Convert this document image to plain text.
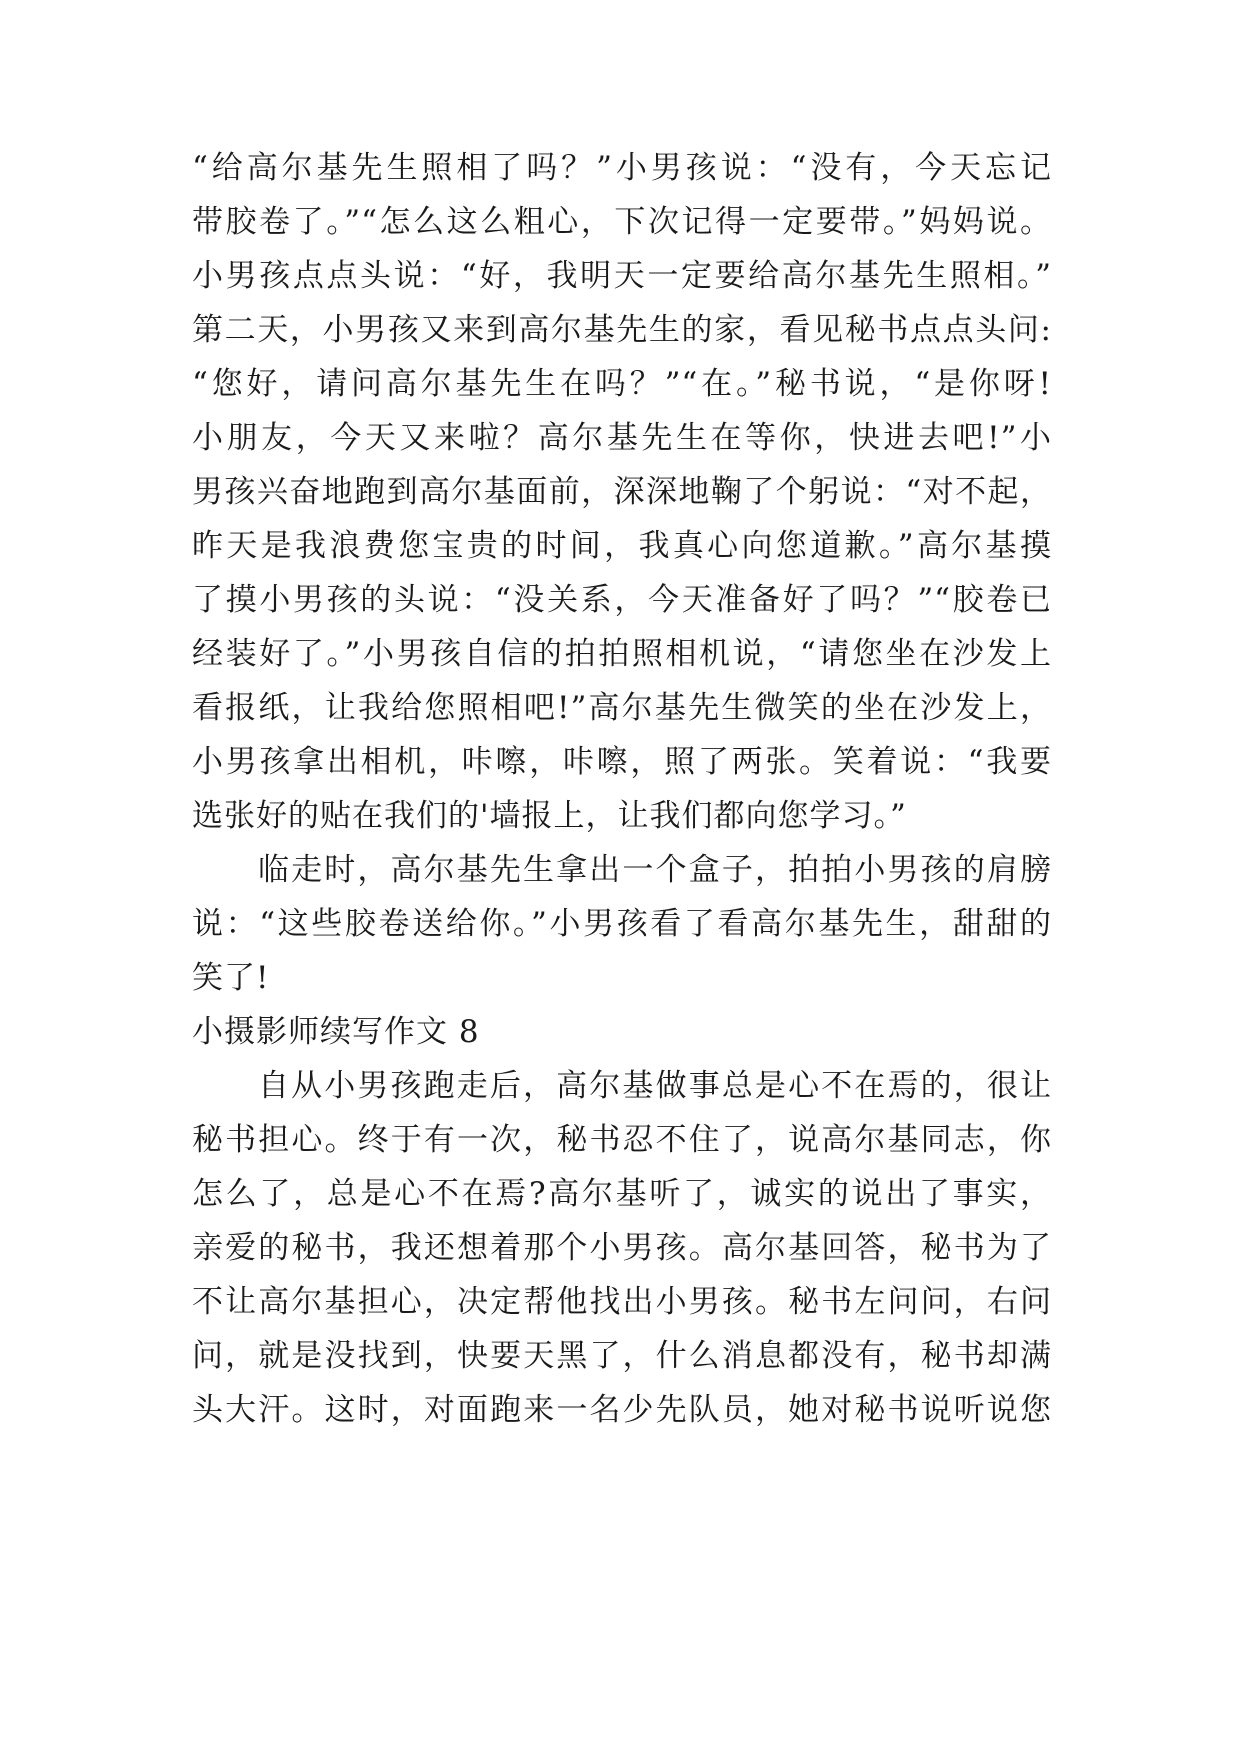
“给高尔基先生照相了吗？”小男孩说：“没有，今天忘记
带胶卷了。”“怎么这么粗心，下次记得一定要带。”妈妈说。
小男孩点点头说：“好，我明天一定要给高尔基先生照相。”
第二天，小男孩又来到高尔基先生的家，看见秘书点点头问:
“您好，请问高尔基先生在吗？”“在。”秘书说，“是你呀!
小朋友，今天又来啦？高尔基先生在等你，快进去吧!”小
男孩兴奋地跑到高尔基面前，深深地鞠了个躬说：“对不起，
昨天是我浪费您宝贵的时间，我真心向您道歉。”高尔基摸
了摸小男孩的头说：“没关系，今天准备好了吗？”“胶卷已
经装好了。”小男孩自信的拍拍照相机说，“请您坐在沙发上
看报纸，让我给您照相吧!”高尔基先生微笑的坐在沙发上，
小男孩拿出相机，咔嚓，咔嚓，照了两张。笑着说：“我要
选张好的贴在我们的'墙报上，让我们都向您学习。”
临走时，高尔基先生拿出一个盒子，拍拍小男孩的肩膀
说：“这些胶卷送给你。”小男孩看了看高尔基先生，甜甜的
笑了!
小摄影师续写作文 8
自从小男孩跑走后，高尔基做事总是心不在焉的，很让
秘书担心。终于有一次，秘书忍不住了，说高尔基同志，你
怎么了，总是心不在焉?高尔基听了，诚实的说出了事实，
亲爱的秘书，我还想着那个小男孩。高尔基回答，秘书为了
不让高尔基担心，决定帮他找出小男孩。秘书左问问，右问
问，就是没找到，快要天黑了，什么消息都没有，秘书却满
头大汗。这时，对面跑来一名少先队员，她对秘书说听说您
